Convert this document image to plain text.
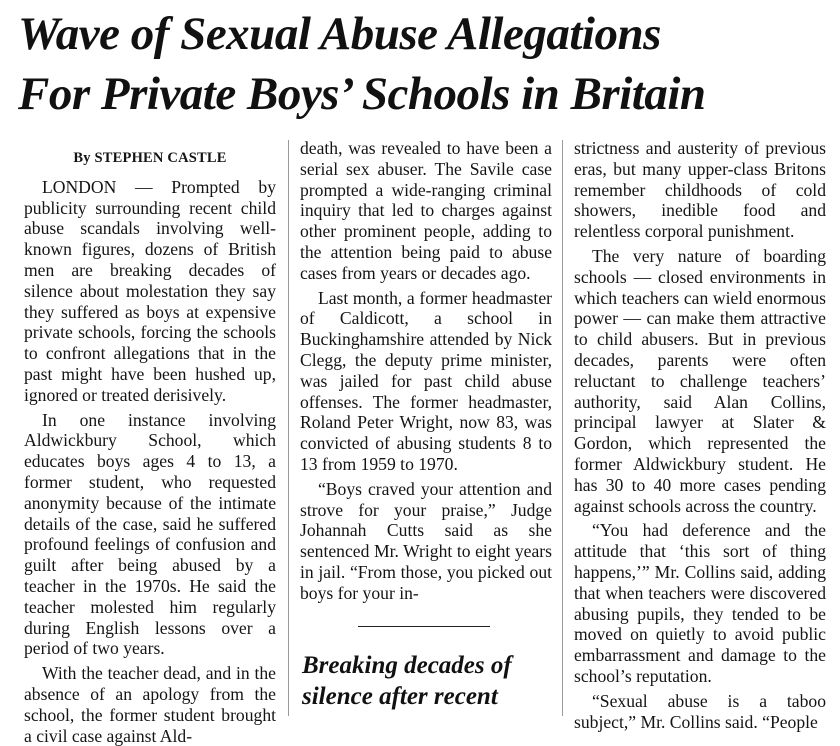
Wave of Sexual Abuse Allegations
For Private Boys’ Schools in Britain
By STEPHEN CASTLE

LONDON — Prompted by publicity surrounding recent child abuse scandals involving well-known figures, dozens of British men are breaking decades of silence about molestation they say they suffered as boys at expensive private schools, forcing the schools to confront allegations that in the past might have been hushed up, ignored or treated derisively.

In one instance involving Aldwickbury School, which educates boys ages 4 to 13, a former student, who requested anonymity because of the intimate details of the case, said he suffered profound feelings of confusion and guilt after being abused by a teacher in the 1970s. He said the teacher molested him regularly during English lessons over a period of two years.

With the teacher dead, and in the absence of an apology from the school, the former student brought a civil case against Ald-

death, was revealed to have been a serial sex abuser. The Savile case prompted a wide-ranging criminal inquiry that led to charges against other prominent people, adding to the attention being paid to abuse cases from years or decades ago.

Last month, a former headmaster of Caldicott, a school in Buckinghamshire attended by Nick Clegg, the deputy prime minister, was jailed for past child abuse offenses. The former headmaster, Roland Peter Wright, now 83, was convicted of abusing students 8 to 13 from 1959 to 1970.

“Boys craved your attention and strove for your praise,” Judge Johannah Cutts said as she sentenced Mr. Wright to eight years in jail. “From those, you picked out boys for your in-

Breaking decades of
silence after recent

strictness and austerity of previous eras, but many upper-class Britons remember childhoods of cold showers, inedible food and relentless corporal punishment.

The very nature of boarding schools — closed environments in which teachers can wield enormous power — can make them attractive to child abusers. But in previous decades, parents were often reluctant to challenge teachers’ authority, said Alan Collins, principal lawyer at Slater & Gordon, which represented the former Aldwickbury student. He has 30 to 40 more cases pending against schools across the country.

“You had deference and the attitude that ‘this sort of thing happens,’” Mr. Collins said, adding that when teachers were discovered abusing pupils, they tended to be moved on quietly to avoid public embarrassment and damage to the school’s reputation.

“Sexual abuse is a taboo subject,” Mr. Collins said. “People
